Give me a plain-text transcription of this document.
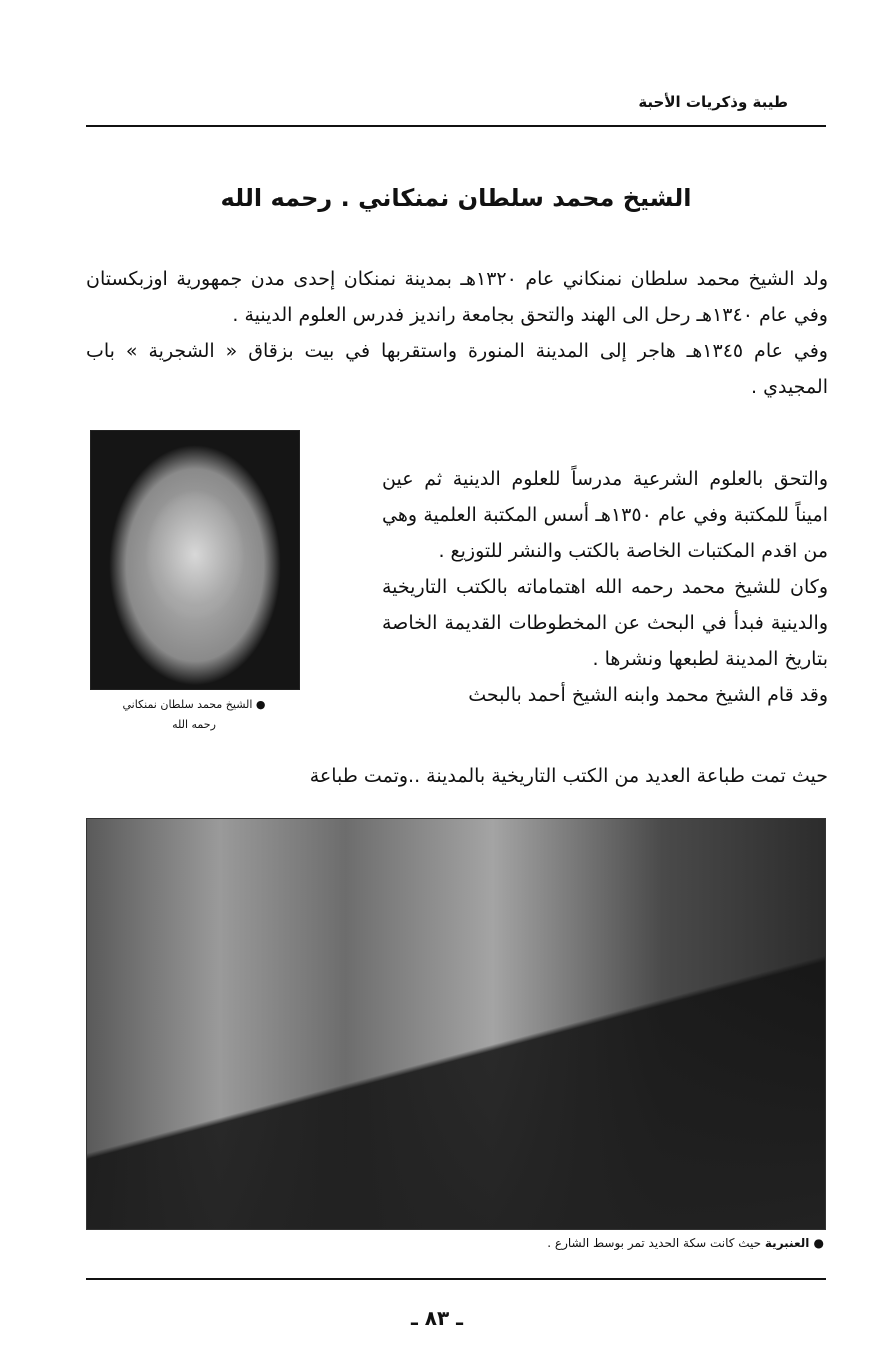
طيبة وذكريات الأحبة
الشيخ محمد سلطان نمنكاني . رحمه الله

ولد الشيخ محمد سلطان نمنكاني عام ١٣٢٠هـ بمدينة نمنكان إحدى مدن جمهورية اوزبكستان وفي عام ١٣٤٠هـ رحل الى الهند والتحق بجامعة رانديز فدرس العلوم الدينية .

وفي عام ١٣٤٥هـ هاجر إلى المدينة المنورة واستقربها في بيت بزقاق « الشجرية » باب المجيدي .

● الشيخ محمد سلطان نمنكاني
رحمه الله

والتحق بالعلوم الشرعية مدرساً للعلوم الدينية ثم عين اميناً للمكتبة وفي عام ١٣٥٠هـ أسس المكتبة العلمية وهي من اقدم المكتبات الخاصة بالكتب والنشر للتوزيع .

وكان للشيخ محمد رحمه الله اهتماماته بالكتب التاريخية والدينية فبدأ في البحث عن المخطوطات القديمة الخاصة بتاريخ المدينة لطبعها ونشرها .

وقد قام الشيخ محمد وابنه الشيخ أحمد بالبحث

حيث تمت طباعة العديد من الكتب التاريخية بالمدينة ..وتمت طباعة
● العنبرية حيث كانت سكة الحديد تمر بوسط الشارع .
ـ ٨٣ ـ
